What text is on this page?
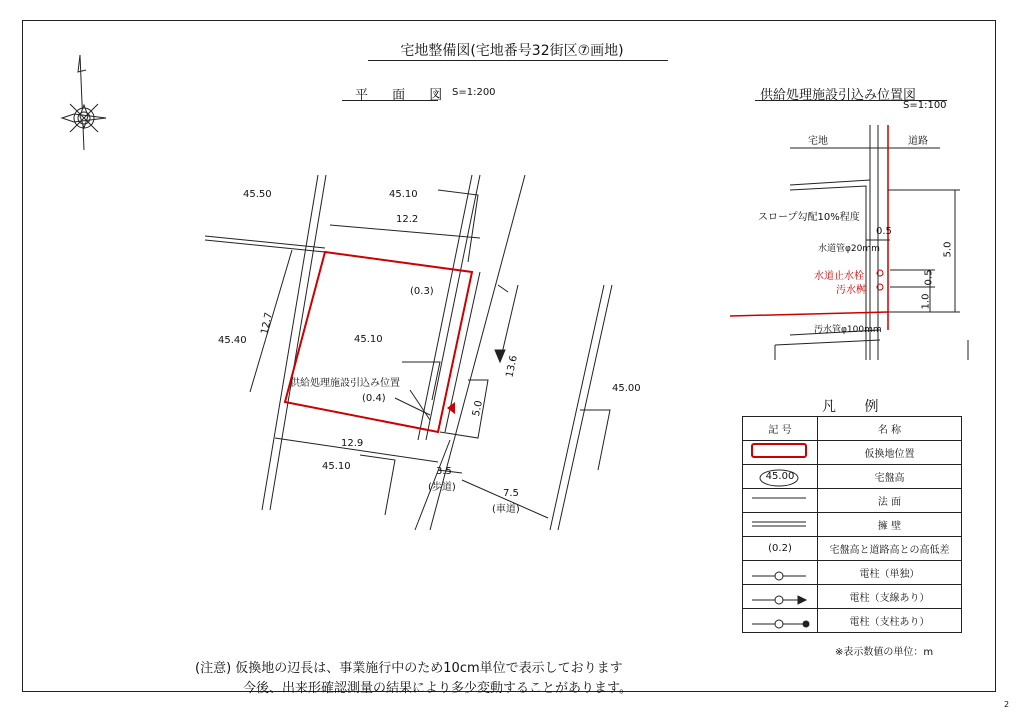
宅地整備図(宅地番号32街区⑦画地)
平 面 図 S=1:200	供給処理施設引込み位置図
S=1:100
45.50	45.10
45.40	45.10
45.00
45.10
12.2
12.7
13.6
12.9
5.0
(0.3)
(0.4)
供給処理施設引込み位置
3.5
(歩道)
7.5
(車道)
宅地	道路
スロープ勾配10%程度
水道管φ20mm
水道止水栓
汚水桝
汚水管φ100mm
0.5
5.0
0.5
1.0
凡 例
記 号	名 称
	仮換地位置
45.00	宅盤高
	法 面
	擁 壁
(0.2)	宅盤高と道路高との高低差
	電柱（単独）
	電柱（支線あり）
	電柱（支柱あり）
※表示数値の単位：m
(注意) 仮換地の辺長は、事業施行中のため10cm単位で表示しております
今後、出来形確認測量の結果により多少変動することがあります。
2
